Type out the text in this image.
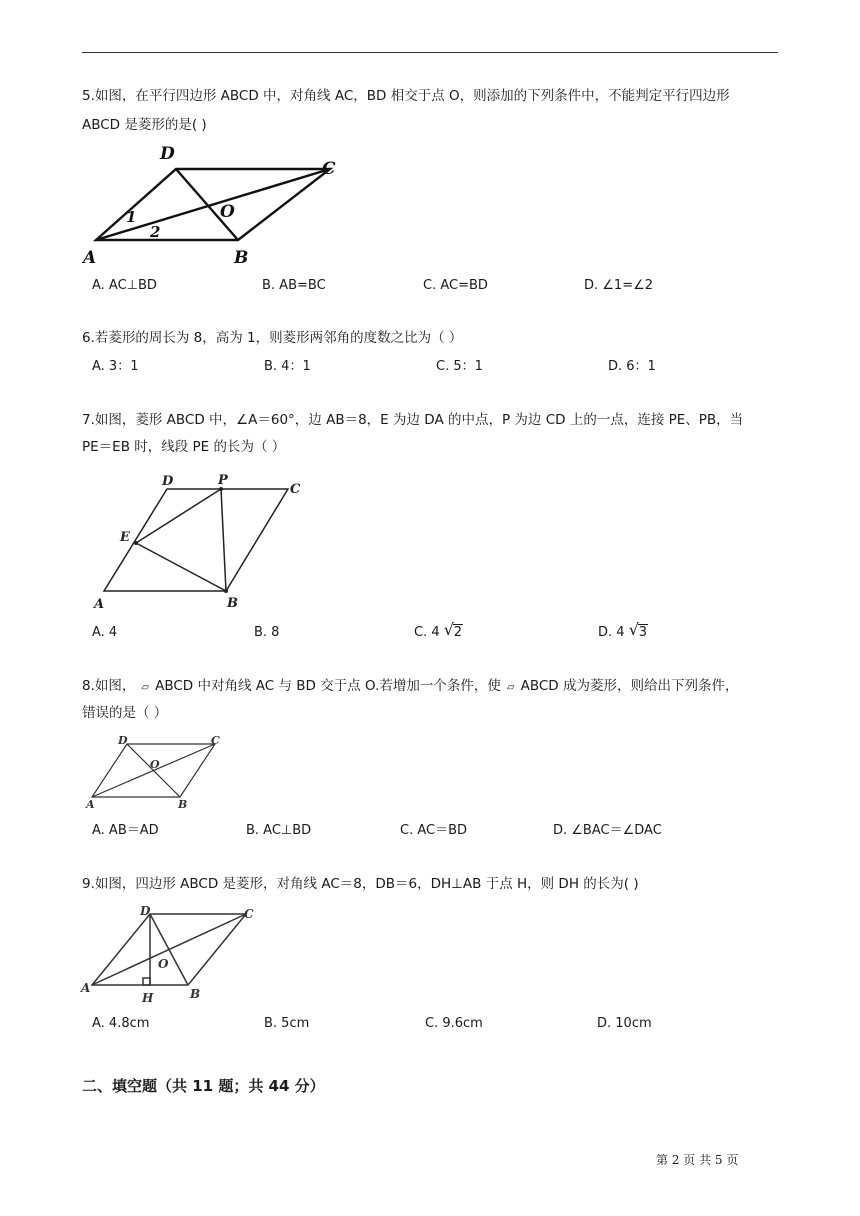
5.如图，在平行四边形 ABCD 中，对角线 AC，BD 相交于点 O，则添加的下列条件中，不能判定平行四边形
ABCD 是菱形的是( )
A	B
C
D
O
1
2
A. AC⊥BD	B. AB=BC	C. AC=BD	D. ∠1=∠2
6.若菱形的周长为 8，高为 1，则菱形两邻角的度数之比为（ ）
A. 3：1	B. 4：1	C. 5：1	D. 6：1
7.如图，菱形 ABCD 中，∠A＝60°，边 AB＝8，E 为边 DA 的中点，P 为边 CD 上的一点，连接 PE、PB，当
PE＝EB 时，线段 PE 的长为（ ）
A	B
C
D
E
P
A. 4	B. 8	C. 4 √ 2	D. 4 √ 3
8.如图， ▱ ABCD 中对角线 AC 与 BD 交于点 O.若增加一个条件，使 ▱ ABCD 成为菱形，则给出下列条件，
错误的是（ ）
A	B
C
D
O
A. AB＝AD	B. AC⊥BD	C. AC＝BD	D. ∠BAC＝∠DAC
9.如图，四边形 ABCD 是菱形，对角线 AC＝8，DB＝6，DH⊥AB 于点 H，则 DH 的长为( )
A	B
C
D
O
H
A. 4.8cm	B. 5cm	C. 9.6cm	D. 10cm
二、填空题（共 11 题；共 44 分）
第 2 页 共 5 页
